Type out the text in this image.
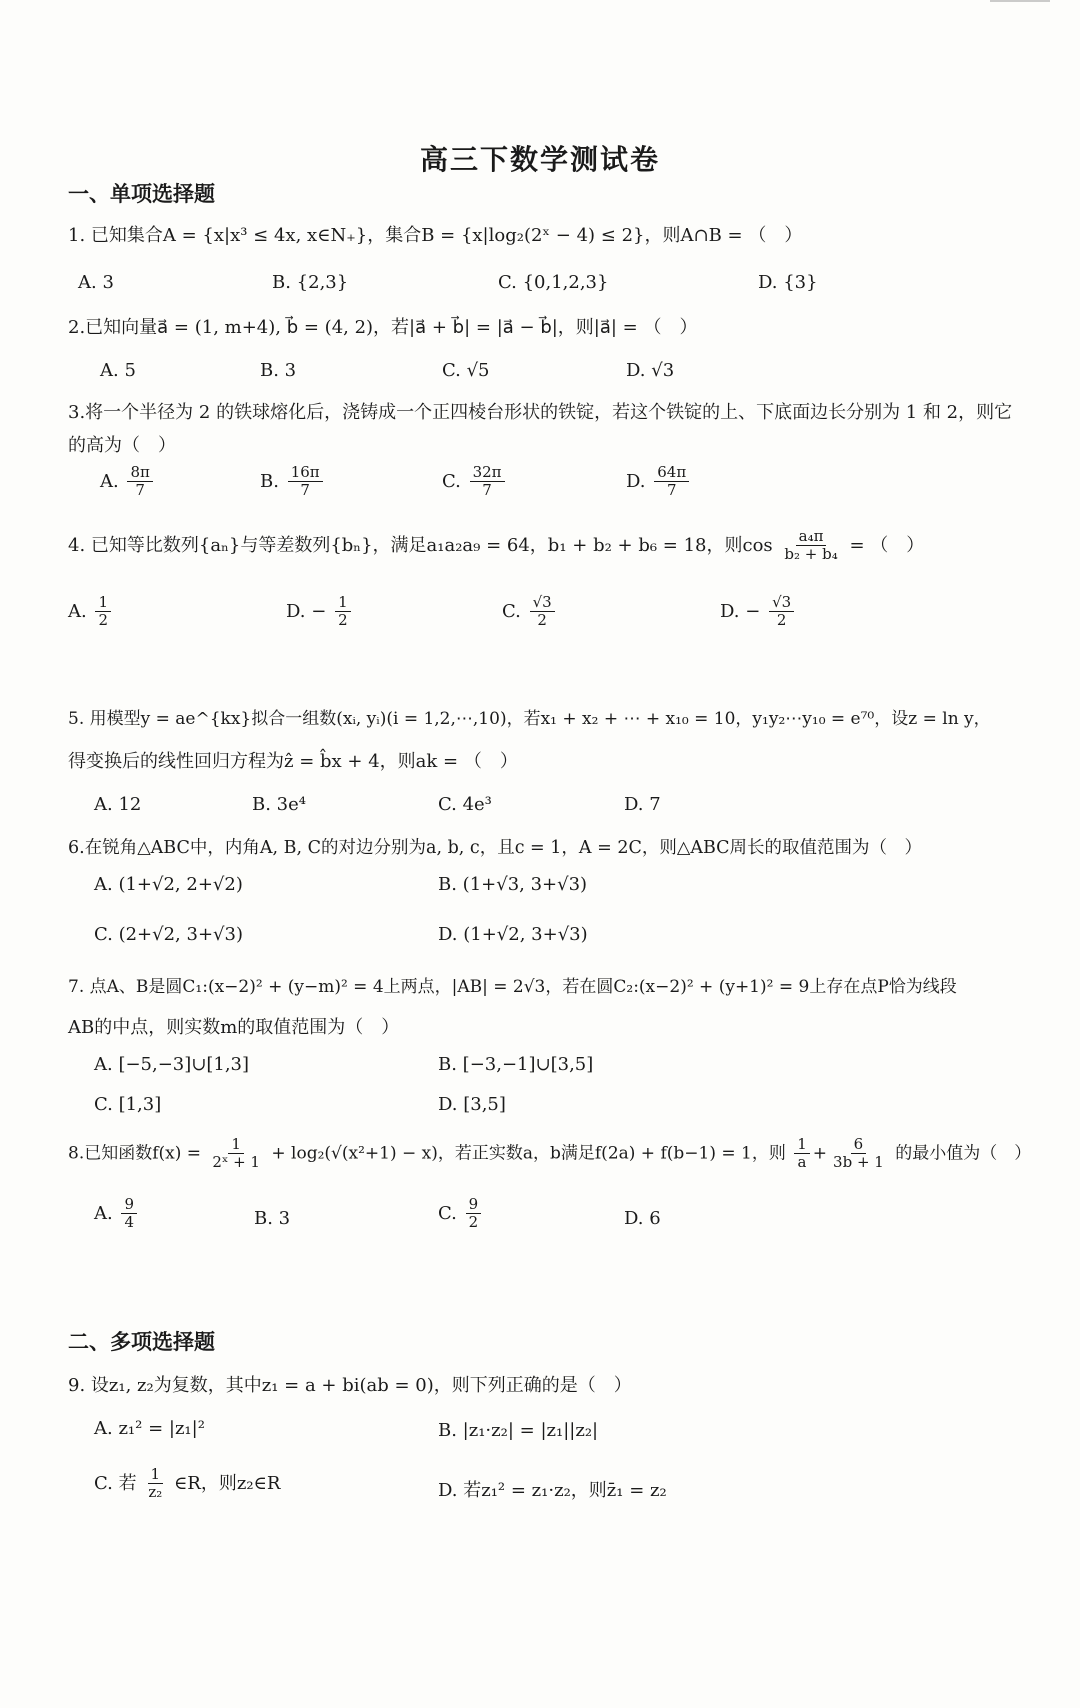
高三下数学测试卷
一、单项选择题
1. 已知集合A = {x|x³ ≤ 4x, x∈N₊}，集合B = {x|log₂(2ˣ − 4) ≤ 2}，则A∩B = （　）
A. 3	B. {2,3}	C. {0,1,2,3}	D. {3}
2.已知向量a⃗ = (1, m+4), b⃗ = (4, 2)，若|a⃗ + b⃗| = |a⃗ − b⃗|，则|a⃗| = （　）
A. 5	B. 3	C. √5	D. √3
3.将一个半径为 2 的铁球熔化后，浇铸成一个正四棱台形状的铁锭，若这个铁锭的上、下底面边长分别为 1 和 2，则它的高为（　）
A. $\frac{8\pi}{7}$	B. $\frac{16\pi}{7}$	C. $\frac{32\pi}{7}$	D. $\frac{64\pi}{7}$
4. 已知等比数列{aₙ}与等差数列{bₙ}，满足a₁a₂a₉ = 64，b₁ + b₂ + b₆ = 18，则$\cos \frac{\text{a₄π}}{\text{b₂ + b₄}}$ = （　）
A. $\frac{1}{2}$	D. − $\frac{1}{2}$	C. $\frac{√3}{2}$	D. − $\frac{√3}{2}$
5. 用模型y = ae^{kx}拟合一组数(xᵢ, yᵢ)(i = 1,2,⋯,10)，若x₁ + x₂ + ⋯ + x₁₀ = 10，y₁y₂⋯y₁₀ = e⁷⁰，设z = ln y，
得变换后的线性回归方程为ẑ = b̂x + 4，则ak = （　）
A. 12	B. 3e⁴	C. 4e³	D. 7
6.在锐角△ABC中，内角A, B, C的对边分别为a, b, c，且c = 1，A = 2C，则△ABC周长的取值范围为（　）
A. (1+√2, 2+√2)	B. (1+√3, 3+√3)
C. (2+√2, 3+√3)	D. (1+√2, 3+√3)
7. 点A、B是圆C₁:(x−2)² + (y−m)² = 4上两点，|AB| = 2√3，若在圆C₂:(x−2)² + (y+1)² = 9上存在点P恰为线段
AB的中点，则实数m的取值范围为（　）
A. [−5,−3]∪[1,3]	B. [−3,−1]∪[3,5]
C. [1,3]	D. [3,5]
8.已知函数$f(x) = \frac{1}{\text{2ˣ + 1}} + \log_2(√(x^2+1) - x)$，若正实数a，b满足f(2a) + f(b−1) = 1，则 $\frac{1}{a} + \frac{6}{3b + 1}$ 的最小值为（　）
A. $\frac{9}{4}$	B. 3	C. $\frac{9}{2}$	D. 6
二、多项选择题
9. 设z₁, z₂为复数，其中z₁ = a + bi(ab = 0)，则下列正确的是（　）
A. z₁² = |z₁|²	B. |z₁·z₂| = |z₁||z₂|
C. 若 $\frac{1}{\text{z₂}}$ ∈R，则z₂∈R	D. 若z₁² = z₁·z₂，则z̄₁ = z₂
